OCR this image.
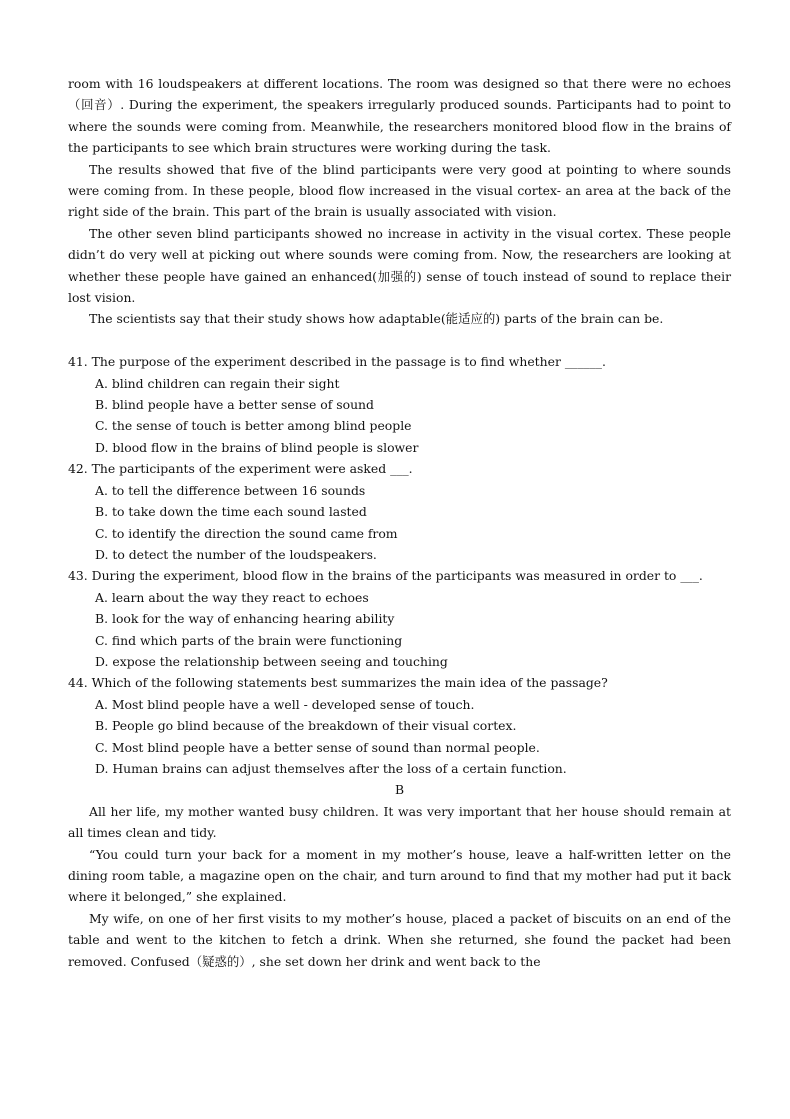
room with 16 loudspeakers at different locations. The room was designed so that there were no echoes（回音）. During the experiment, the speakers irregularly produced sounds. Participants had to point to where the sounds were coming from. Meanwhile, the researchers monitored blood flow in the brains of the participants to see which brain structures were working during the task.

The results showed that five of the blind participants were very good at pointing to where sounds were coming from. In these people, blood flow increased in the visual cortex- an area at the back of the right side of the brain. This part of the brain is usually associated with vision.

The other seven blind participants showed no increase in activity in the visual cortex. These people didn’t do very well at picking out where sounds were coming from. Now, the researchers are looking at whether these people have gained an enhanced(加强的) sense of touch instead of sound to replace their lost vision.

The scientists say that their study shows how adaptable(能适应的) parts of the brain can be.

41. The purpose of the experiment described in the passage is to find whether ______.

A. blind children can regain their sight

B. blind people have a better sense of sound

C. the sense of touch is better among blind people

D. blood flow in the brains of blind people is slower

42. The participants of the experiment were asked ___.

A. to tell the difference between 16 sounds

B. to take down the time each sound lasted

C. to identify the direction the sound came from

D. to detect the number of the loudspeakers.

43. During the experiment, blood flow in the brains of the participants was measured in order to ___.

A. learn about the way they react to echoes

B. look for the way of enhancing hearing ability

C. find which parts of the brain were functioning

D. expose the relationship between seeing and touching

44. Which of the following statements best summarizes the main idea of the passage?

A. Most blind people have a well - developed sense of touch.

B. People go blind because of the breakdown of their visual cortex.

C. Most blind people have a better sense of sound than normal people.

D. Human brains can adjust themselves after the loss of a certain function.

B

All her life, my mother wanted busy children. It was very important that her house should remain at all times clean and tidy.

“You could turn your back for a moment in my mother’s house, leave a half-written letter on the dining room table, a magazine open on the chair, and turn around to find that my mother had put it back where it belonged,” she explained.

My wife, on one of her first visits to my mother’s house, placed a packet of biscuits on an end of the table and went to the kitchen to fetch a drink. When she returned, she found the packet had been removed. Confused（疑惑的）, she set down her drink and went back to the
